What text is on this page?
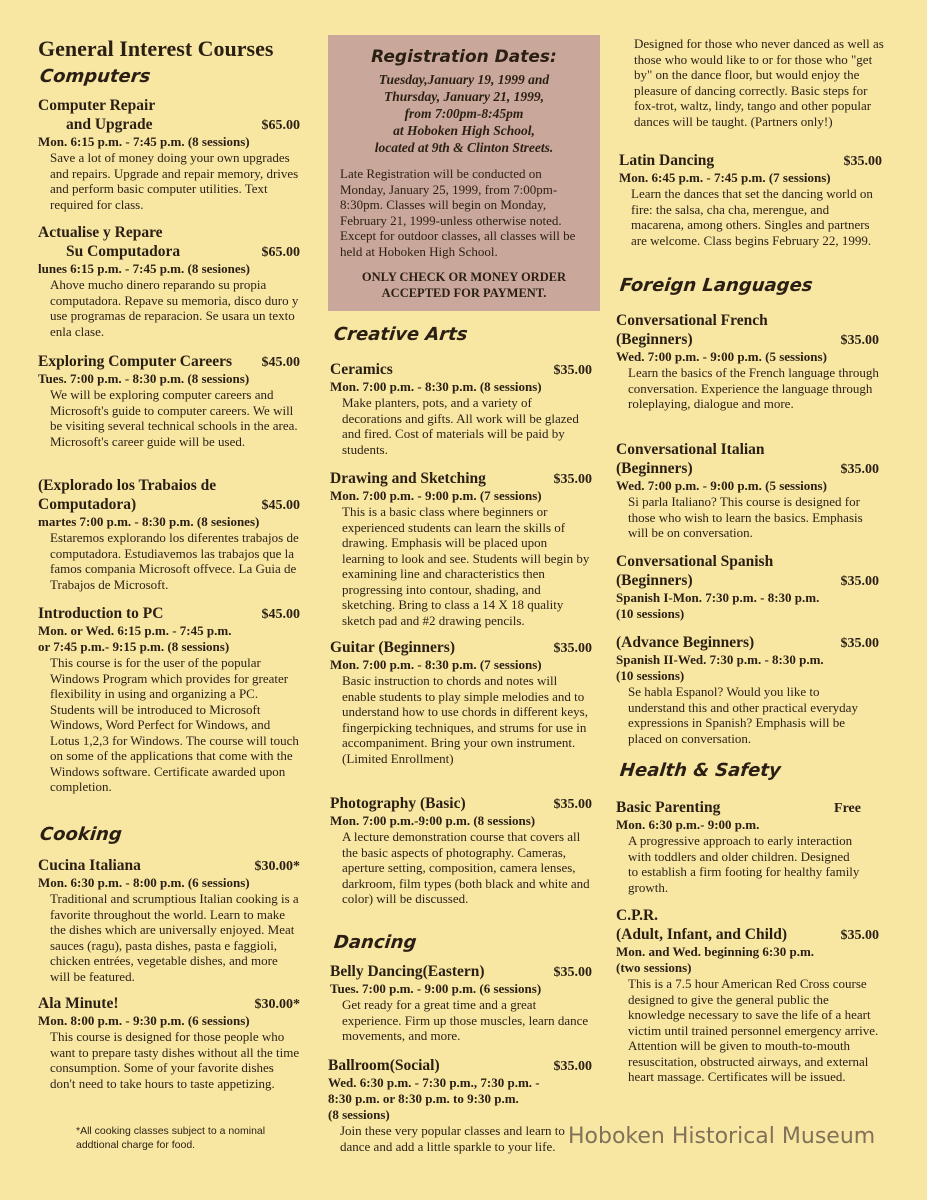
General Interest Courses
Computers
Computer Repair
and Upgrade	$65.00
Mon. 6:15 p.m. - 7:45 p.m. (8 sessions)
Save a lot of money doing your own upgrades and repairs. Upgrade and repair memory, drives and perform basic computer utilities. Text required for class.
Actualise y Repare
Su Computadora	$65.00
lunes 6:15 p.m. - 7:45 p.m. (8 sesiones)
Ahove mucho dinero reparando su propia computadora. Repave su memoria, disco duro y use programas de reparacion. Se usara un texto enla clase.
Exploring Computer Careers $45.00
Tues. 7:00 p.m. - 8:30 p.m. (8 sessions)
We will be exploring computer careers and Microsoft's guide to computer careers. We will be visiting several technical schools in the area. Microsoft's career guide will be used.
(Explorado los Trabaios de
Computadora)	$45.00
martes 7:00 p.m. - 8:30 p.m. (8 sesiones)
Estaremos explorando los diferentes trabajos de computadora. Estudiavemos las trabajos que la famos compania Microsoft offvece. La Guia de Trabajos de Microsoft.
Introduction to PC	$45.00
Mon. or Wed. 6:15 p.m. - 7:45 p.m.
or 7:45 p.m.- 9:15 p.m. (8 sessions)
This course is for the user of the popular Windows Program which provides for greater flexibility in using and organizing a PC. Students will be introduced to Microsoft Windows, Word Perfect for Windows, and Lotus 1,2,3 for Windows. The course will touch on some of the applications that come with the Windows software. Certificate awarded upon completion.
Cooking
Cucina Italiana	$30.00*
Mon. 6:30 p.m. - 8:00 p.m. (6 sessions)
Traditional and scrumptious Italian cooking is a favorite throughout the world. Learn to make the dishes which are universally enjoyed. Meat sauces (ragu), pasta dishes, pasta e faggioli, chicken entrées, vegetable dishes, and more will be featured.
Ala Minute!	$30.00*
Mon. 8:00 p.m. - 9:30 p.m. (6 sessions)
This course is designed for those people who want to prepare tasty dishes without all the time consumption. Some of your favorite dishes don't need to take hours to taste appetizing.
*All cooking classes subject to a nominal addtional charge for food.
Registration Dates:
Tuesday,January 19, 1999 and
Thursday, January 21, 1999,
from 7:00pm-8:45pm
at Hoboken High School,
located at 9th & Clinton Streets.
Late Registration will be conducted on Monday, January 25, 1999, from 7:00pm-8:30pm. Classes will begin on Monday, February 21, 1999-unless otherwise noted. Except for outdoor classes, all classes will be held at Hoboken High School.
ONLY CHECK OR MONEY ORDER ACCEPTED FOR PAYMENT.
Creative Arts
Ceramics	$35.00
Mon. 7:00 p.m. - 8:30 p.m. (8 sessions)
Make planters, pots, and a variety of decorations and gifts. All work will be glazed and fired. Cost of materials will be paid by students.
Drawing and Sketching	$35.00
Mon. 7:00 p.m. - 9:00 p.m. (7 sessions)
This is a basic class where beginners or experienced students can learn the skills of drawing. Emphasis will be placed upon learning to look and see. Students will begin by examining line and characteristics then progressing into contour, shading, and sketching. Bring to class a 14 X 18 quality sketch pad and #2 drawing pencils.
Guitar (Beginners)	$35.00
Mon. 7:00 p.m. - 8:30 p.m. (7 sessions)
Basic instruction to chords and notes will enable students to play simple melodies and to understand how to use chords in different keys, fingerpicking techniques, and strums for use in accompaniment. Bring your own instrument. (Limited Enrollment)
Photography (Basic)	$35.00
Mon. 7:00 p.m.-9:00 p.m. (8 sessions)
A lecture demonstration course that covers all the basic aspects of photography. Cameras, aperture setting, composition, camera lenses, darkroom, film types (both black and white and color) will be discussed.
Dancing
Belly Dancing(Eastern)	$35.00
Tues. 7:00 p.m. - 9:00 p.m. (6 sessions)
Get ready for a great time and a great experience. Firm up those muscles, learn dance movements, and more.
Ballroom(Social)	$35.00
Wed. 6:30 p.m. - 7:30 p.m., 7:30 p.m. -
8:30 p.m. or 8:30 p.m. to 9:30 p.m.
(8 sessions)
Join these very popular classes and learn to dance and add a little sparkle to your life.
Designed for those who never danced as well as those who would like to or for those who "get by" on the dance floor, but would enjoy the pleasure of dancing correctly. Basic steps for fox-trot, waltz, lindy, tango and other popular dances will be taught. (Partners only!)
Latin Dancing	$35.00
Mon. 6:45 p.m. - 7:45 p.m. (7 sessions)
Learn the dances that set the dancing world on fire: the salsa, cha cha, merengue, and macarena, among others. Singles and partners are welcome. Class begins February 22, 1999.
Foreign Languages
Conversational French
(Beginners)	$35.00
Wed. 7:00 p.m. - 9:00 p.m. (5 sessions)
Learn the basics of the French language through conversation. Experience the language through roleplaying, dialogue and more.
Conversational Italian
(Beginners)	$35.00
Wed. 7:00 p.m. - 9:00 p.m. (5 sessions)
Si parla Italiano? This course is designed for those who wish to learn the basics. Emphasis will be on conversation.
Conversational Spanish
(Beginners)	$35.00
Spanish I-Mon. 7:30 p.m. - 8:30 p.m.
(10 sessions)
(Advance Beginners)	$35.00
Spanish II-Wed. 7:30 p.m. - 8:30 p.m.
(10 sessions)
Se habla Espanol? Would you like to understand this and other practical everyday expressions in Spanish? Emphasis will be placed on conversation.
Health & Safety
Basic Parenting	Free
Mon. 6:30 p.m.- 9:00 p.m.
A progressive approach to early interaction with toddlers and older children. Designed to establish a firm footing for healthy family growth.
C.P.R.
(Adult, Infant, and Child)	$35.00
Mon. and Wed. beginning 6:30 p.m.
(two sessions)
This is a 7.5 hour American Red Cross course designed to give the general public the knowledge necessary to save the life of a heart victim until trained personnel emergency arrive. Attention will be given to mouth-to-mouth resuscitation, obstructed airways, and external heart massage. Certificates will be issued.
Hoboken Historical Museum
